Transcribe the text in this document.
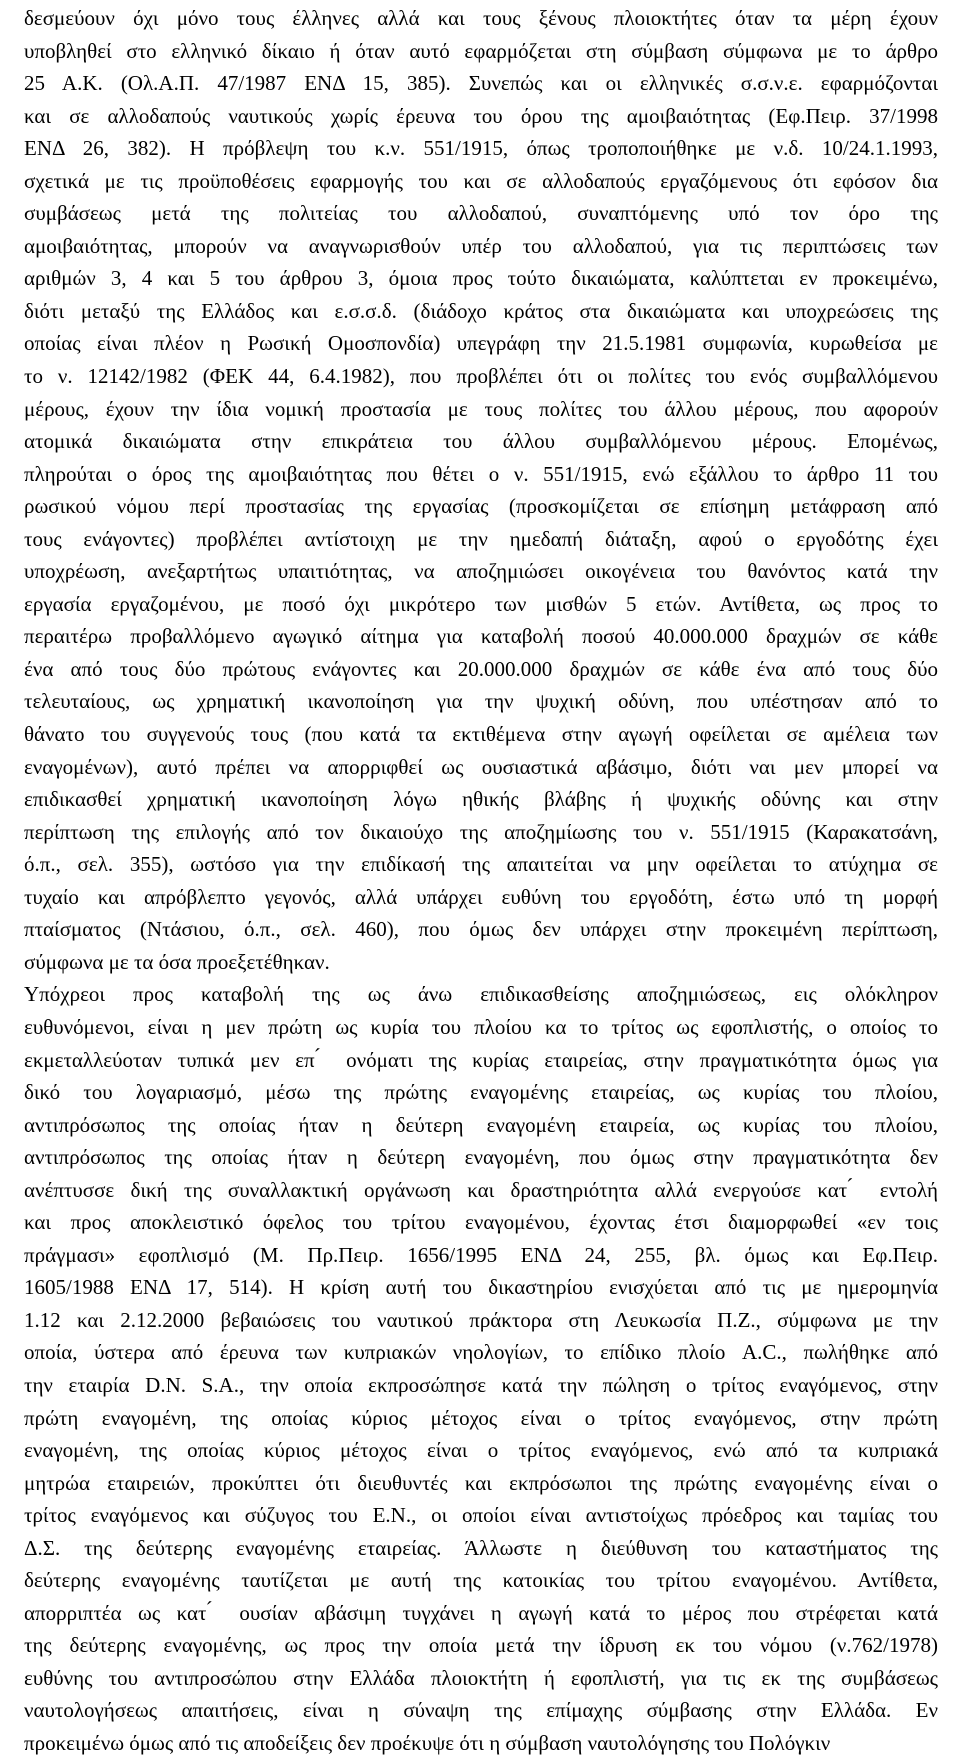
δεσμεύουν όχι μόνο τους έλληνες αλλά και τους ξένους πλοιοκτήτες όταν τα μέρη έχουν
υποβληθεί στο ελληνικό δίκαιο ή όταν αυτό εφαρμόζεται στη σύμβαση σύμφωνα με το άρθρο
25 Α.Κ. (Ολ.Α.Π. 47/1987 ΕΝΔ 15, 385). Συνεπώς και οι ελληνικές σ.σ.ν.ε. εφαρμόζονται
και σε αλλοδαπούς ναυτικούς χωρίς έρευνα του όρου της αμοιβαιότητας (Εφ.Πειρ. 37/1998
ΕΝΔ 26, 382). Η πρόβλεψη του κ.ν. 551/1915, όπως τροποποιήθηκε με ν.δ. 10/24.1.1993,
σχετικά με τις προϋποθέσεις εφαρμογής του και σε αλλοδαπούς εργαζόμενους ότι εφόσον δια
συμβάσεως μετά της πολιτείας του αλλοδαπού, συναπτόμενης υπό τον όρο της
αμοιβαιότητας, μπορούν να αναγνωρισθούν υπέρ του αλλοδαπού, για τις περιπτώσεις των
αριθμών 3, 4 και 5 του άρθρου 3, όμοια προς τούτο δικαιώματα, καλύπτεται εν προκειμένω,
διότι μεταξύ της Ελλάδος και ε.σ.σ.δ. (διάδοχο κράτος στα δικαιώματα και υποχρεώσεις της
οποίας είναι πλέον η Ρωσική Ομοσπονδία) υπεγράφη την 21.5.1981 συμφωνία, κυρωθείσα με
το ν. 12142/1982 (ΦΕΚ 44, 6.4.1982), που προβλέπει ότι οι πολίτες του ενός συμβαλλόμενου
μέρους, έχουν την ίδια νομική προστασία με τους πολίτες του άλλου μέρους, που αφορούν
ατομικά δικαιώματα στην επικράτεια του άλλου συμβαλλόμενου μέρους. Επομένως,
πληρούται ο όρος της αμοιβαιότητας που θέτει ο ν. 551/1915, ενώ εξάλλου το άρθρο 11 του
ρωσικού νόμου περί προστασίας της εργασίας (προσκομίζεται σε επίσημη μετάφραση από
τους ενάγοντες) προβλέπει αντίστοιχη με την ημεδαπή διάταξη, αφού ο εργοδότης έχει
υποχρέωση, ανεξαρτήτως υπαιτιότητας, να αποζημιώσει οικογένεια του θανόντος κατά την
εργασία εργαζομένου, με ποσό όχι μικρότερο των μισθών 5 ετών. Αντίθετα, ως προς το
περαιτέρω προβαλλόμενο αγωγικό αίτημα για καταβολή ποσού 40.000.000 δραχμών σε κάθε
ένα από τους δύο πρώτους ενάγοντες και 20.000.000 δραχμών σε κάθε ένα από τους δύο
τελευταίους, ως χρηματική ικανοποίηση για την ψυχική οδύνη, που υπέστησαν από το
θάνατο του συγγενούς τους (που κατά τα εκτιθέμενα στην αγωγή οφείλεται σε αμέλεια των
εναγομένων), αυτό πρέπει να απορριφθεί ως ουσιαστικά αβάσιμο, διότι ναι μεν μπορεί να
επιδικασθεί χρηματική ικανοποίηση λόγω ηθικής βλάβης ή ψυχικής οδύνης και στην
περίπτωση της επιλογής από τον δικαιούχο της αποζημίωσης του ν. 551/1915 (Καρακατσάνη,
ό.π., σελ. 355), ωστόσο για την επιδίκασή της απαιτείται να μην οφείλεται το ατύχημα σε
τυχαίο και απρόβλεπτο γεγονός, αλλά υπάρχει ευθύνη του εργοδότη, έστω υπό τη μορφή
πταίσματος (Ντάσιου, ό.π., σελ. 460), που όμως δεν υπάρχει στην προκειμένη περίπτωση,
σύμφωνα με τα όσα προεξετέθηκαν.
Υπόχρεοι προς καταβολή της ως άνω επιδικασθείσης αποζημιώσεως, εις ολόκληρον
ευθυνόμενοι, είναι η μεν πρώτη ως κυρία του πλοίου κα το τρίτος ως εφοπλιστής, ο οποίος το
εκμεταλλεύοταν τυπικά μεν επ ́ ονόματι της κυρίας εταιρείας, στην πραγματικότητα όμως για
δικό του λογαριασμό, μέσω της πρώτης εναγομένης εταιρείας, ως κυρίας του πλοίου,
αντιπρόσωπος της οποίας ήταν η δεύτερη εναγομένη εταιρεία, ως κυρίας του πλοίου,
αντιπρόσωπος της οποίας ήταν η δεύτερη εναγομένη, που όμως στην πραγματικότητα δεν
ανέπτυσσε δική της συναλλακτική οργάνωση και δραστηριότητα αλλά ενεργούσε κατ ́ εντολή
και προς αποκλειστικό όφελος του τρίτου εναγομένου, έχοντας έτσι διαμορφωθεί «εν τοις
πράγμασι» εφοπλισμό (Μ. Πρ.Πειρ. 1656/1995 ΕΝΔ 24, 255, βλ. όμως και Εφ.Πειρ.
1605/1988 ΕΝΔ 17, 514). Η κρίση αυτή του δικαστηρίου ενισχύεται από τις με ημερομηνία
1.12 και 2.12.2000 βεβαιώσεις του ναυτικού πράκτορα στη Λευκωσία Π.Ζ., σύμφωνα με την
οποία, ύστερα από έρευνα των κυπριακών νηολογίων, το επίδικο πλοίο A.C., πωλήθηκε από
την εταιρία D.N. S.A., την οποία εκπροσώπησε κατά την πώληση ο τρίτος εναγόμενος, στην
πρώτη εναγομένη, της οποίας κύριος μέτοχος είναι ο τρίτος εναγόμενος, στην πρώτη
εναγομένη, της οποίας κύριος μέτοχος είναι ο τρίτος εναγόμενος, ενώ από τα κυπριακά
μητρώα εταιρειών, προκύπτει ότι διευθυντές και εκπρόσωποι της πρώτης εναγομένης είναι ο
τρίτος εναγόμενος και σύζυγος του Ε.Ν., οι οποίοι είναι αντιστοίχως πρόεδρος και ταμίας του
Δ.Σ. της δεύτερης εναγομένης εταιρείας. Άλλωστε η διεύθυνση του καταστήματος της
δεύτερης εναγομένης ταυτίζεται με αυτή της κατοικίας του τρίτου εναγομένου. Αντίθετα,
απορριπτέα ως κατ ́ ουσίαν αβάσιμη τυγχάνει η αγωγή κατά το μέρος που στρέφεται κατά
της δεύτερης εναγομένης, ως προς την οποία μετά την ίδρυση εκ του νόμου (ν.762/1978)
ευθύνης του αντιπροσώπου στην Ελλάδα πλοιοκτήτη ή εφοπλιστή, για τις εκ της συμβάσεως
ναυτολογήσεως απαιτήσεις, είναι η σύναψη της επίμαχης σύμβασης στην Ελλάδα. Εν
προκειμένω όμως από τις αποδείξεις δεν προέκυψε ότι η σύμβαση ναυτολόγησης του Πολόγκιν
